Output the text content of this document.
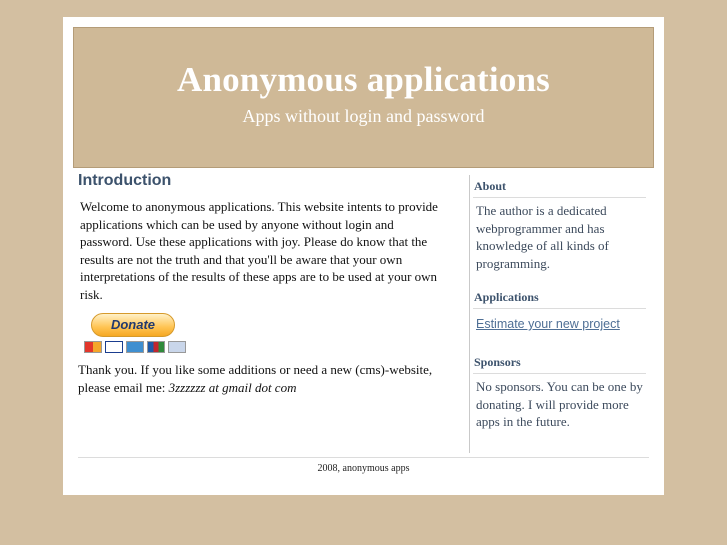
Anonymous applications
Apps without login and password
Introduction
Welcome to anonymous applications. This website intents to provide applications which can be used by anyone without login and password. Use these applications with joy. Please do know that the results are not the truth and that you'll be aware that your own interpretations of the results of these apps are to be used at your own risk.
Donate
Thank you. If you like some additions or need a new (cms)-website, please email me: 3zzzzzz at gmail dot com
About
The author is a dedicated webprogrammer and has knowledge of all kinds of programming.
Applications
Estimate your new project
Sponsors
No sponsors. You can be one by donating. I will provide more apps in the future.
2008, anonymous apps
